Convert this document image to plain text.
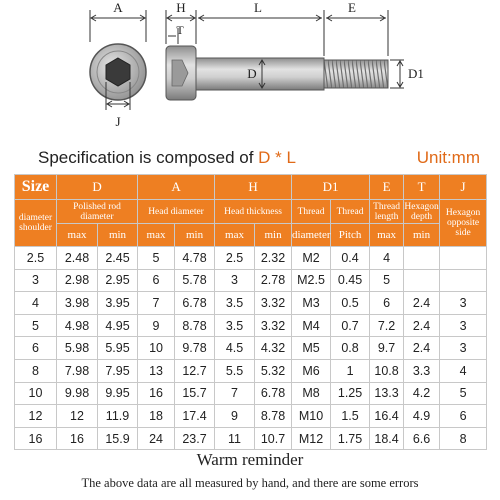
A
J
H
T
L	E
D	D1
Specification is composed of D * L	Unit:mm
Size	D		A		H		D1		E	T	J
diameter shoulder	Polished rod diameter		Head diameter		Head thickness		Thread	Thread	Thread length	Hexagon depth	Hexagon opposite side
	max	min	max	min	max	min	diameter	Pitch	max	min	
2.5	2.48	2.45	5	4.78	2.5	2.32	M2	0.4	4		
3	2.98	2.95	6	5.78	3	2.78	M2.5	0.45	5		
4	3.98	3.95	7	6.78	3.5	3.32	M3	0.5	6	2.4	3
5	4.98	4.95	9	8.78	3.5	3.32	M4	0.7	7.2	2.4	3
6	5.98	5.95	10	9.78	4.5	4.32	M5	0.8	9.7	2.4	3
8	7.98	7.95	13	12.7	5.5	5.32	M6	1	10.8	3.3	4
10	9.98	9.95	16	15.7	7	6.78	M8	1.25	13.3	4.2	5
12	12	11.9	18	17.4	9	8.78	M10	1.5	16.4	4.9	6
16	16	15.9	24	23.7	11	10.7	M12	1.75	18.4	6.6	8
Warm reminder
The above data are all measured by hand, and there are some errors
